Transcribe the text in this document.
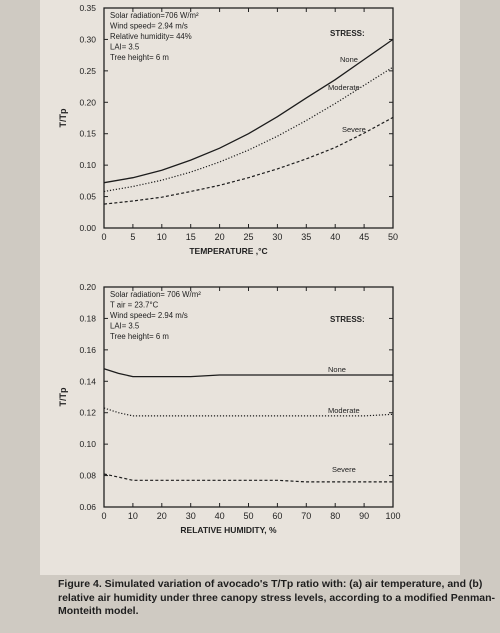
0	5 10 15 20 25 30 35 40 45 50
0.00
0.05
0.10
0.15
0.20
0.25
0.30
0.35
TEMPERATURE ,°C
T/Tp
Solar radiation=706 W/m²
Wind speed= 2.94 m/s
Relative humidity= 44%
LAI= 3.5
Tree height= 6 m
STRESS:
None
Moderate
Severe
0 10 20 30 40 50 60 70 80 90 100
0.06
0.08
0.10
0.12
0.14
0.16
0.18
0.20
RELATIVE HUMIDITY, %
T/Tp
Solar radiation= 706 W/m²
T air = 23.7°C
Wind speed= 2.94 m/s
LAI= 3.5
Tree height= 6 m
STRESS:
None
Moderate
Severe
Figure 4. Simulated variation of avocado's T/Tp ratio with: (a) air temperature, and (b) relative air humidity under three canopy stress levels, according to a modified Penman-Monteith model.
